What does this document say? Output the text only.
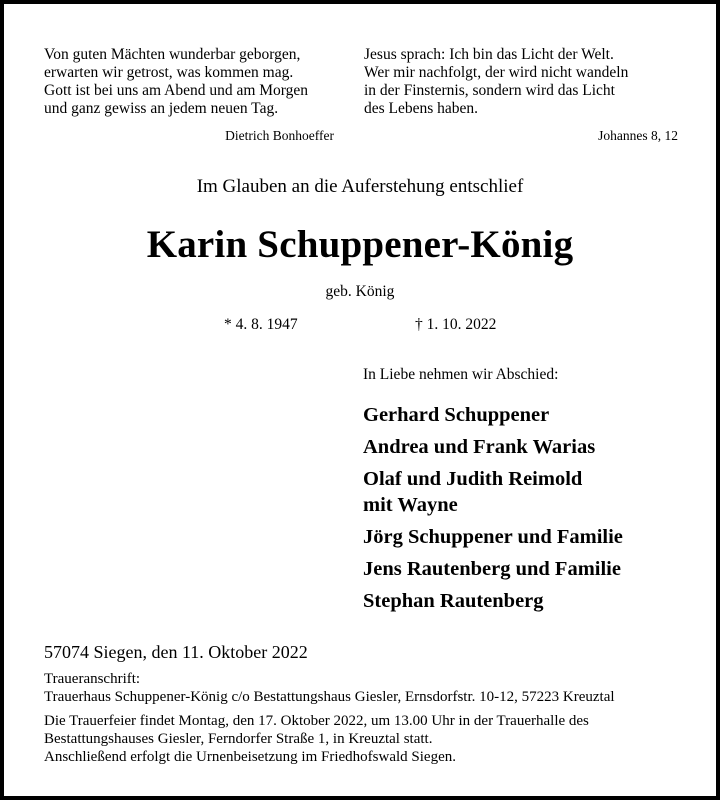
Von guten Mächten wunderbar geborgen,
erwarten wir getrost, was kommen mag.
Gott ist bei uns am Abend und am Morgen
und ganz gewiss an jedem neuen Tag.
Dietrich Bonhoeffer
Jesus sprach: Ich bin das Licht der Welt.
Wer mir nachfolgt, der wird nicht wandeln
in der Finsternis, sondern wird das Licht
des Lebens haben.
Johannes 8, 12
Im Glauben an die Auferstehung entschlief
Karin Schuppener-König
geb. König
* 4. 8. 1947	† 1. 10. 2022
In Liebe nehmen wir Abschied:
Gerhard Schuppener
Andrea und Frank Warias
Olaf und Judith Reimold
mit Wayne
Jörg Schuppener und Familie
Jens Rautenberg und Familie
Stephan Rautenberg
57074 Siegen, den 11. Oktober 2022
Traueranschrift:
Trauerhaus Schuppener-König c/o Bestattungshaus Giesler, Ernsdorfstr. 10-12, 57223 Kreuztal
Die Trauerfeier findet Montag, den 17. Oktober 2022, um 13.00 Uhr in der Trauerhalle des
Bestattungshauses Giesler, Ferndorfer Straße 1, in Kreuztal statt.
Anschließend erfolgt die Urnenbeisetzung im Friedhofswald Siegen.
